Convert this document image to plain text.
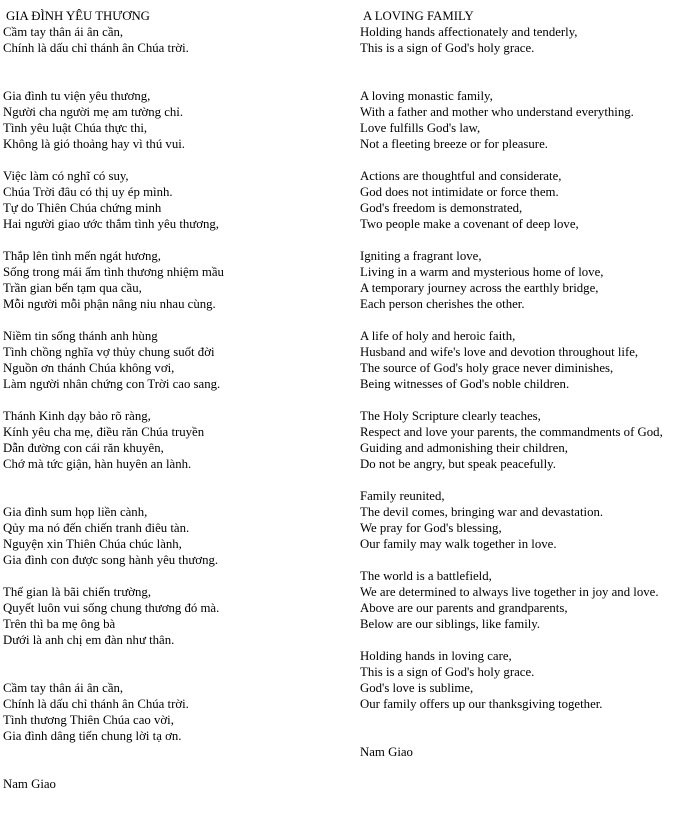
GIA ĐÌNH YÊU THƯƠNG

Cầm tay thân ái ân cần,
Chính là dấu chỉ thánh ân Chúa trời.

Gia đình tu viện yêu thương,
Người cha người mẹ am tường chỉ.
Tình yêu luật Chúa thực thi,
Không là gió thoảng hay vì thú vui.

Việc làm có nghĩ có suy,
Chúa Trời đâu có thị uy ép mình.
Tự do Thiên Chúa chứng minh
Hai người giao ước thắm tình yêu thương,

Thắp lên tình mến ngát hương,
Sống trong mái ấm tình thương nhiệm mầu
Trần gian bến tạm qua cầu,
Mỗi người mỗi phận nâng niu nhau cùng.

Niềm tin sống thánh anh hùng
Tình chồng nghĩa vợ thủy chung suốt đời
Nguồn ơn thánh Chúa không vơi,
Làm người nhân chứng con Trời cao sang.

Thánh Kinh dạy bảo rõ ràng,
Kính yêu cha mẹ, điều răn Chúa truyền
Dẫn đường con cái răn khuyên,
Chớ mà tức giận, hàn huyên an lành.

Gia đình sum họp liền cành,
Qủy ma nó đến chiến tranh điêu tàn.
Nguyện xin Thiên Chúa chúc lành,
Gia đình con được song hành yêu thương.

Thế gian là bãi chiến trường,
Quyết luôn vui sống chung thương đó mà.
Trên thì ba mẹ ông bà
Dưới là anh chị em đàn như thân.

Cầm tay thân ái ân cần,
Chính là dấu chỉ thánh ân Chúa trời.
Tình thương Thiên Chúa cao vời,
Gia đình dâng tiến chung lời tạ ơn.

Nam Giao

A LOVING FAMILY

Holding hands affectionately and tenderly,
This is a sign of God's holy grace.

A loving monastic family,
With a father and mother who understand everything.
Love fulfills God's law,
Not a fleeting breeze or for pleasure.

Actions are thoughtful and considerate,
God does not intimidate or force them.
God's freedom is demonstrated,
Two people make a covenant of deep love,

Igniting a fragrant love,
Living in a warm and mysterious home of love,
A temporary journey across the earthly bridge,
Each person cherishes the other.

A life of holy and heroic faith,
Husband and wife's love and devotion throughout life,
The source of God's holy grace never diminishes,
Being witnesses of God's noble children.

The Holy Scripture clearly teaches,
Respect and love your parents, the commandments of God,
Guiding and admonishing their children,
Do not be angry, but speak peacefully.

Family reunited,
The devil comes, bringing war and devastation.
We pray for God's blessing,
Our family may walk together in love.

The world is a battlefield,
We are determined to always live together in joy and love.
Above are our parents and grandparents,
Below are our siblings, like family.

Holding hands in loving care,
This is a sign of God's holy grace.
God's love is sublime,
Our family offers up our thanksgiving together.

Nam Giao
